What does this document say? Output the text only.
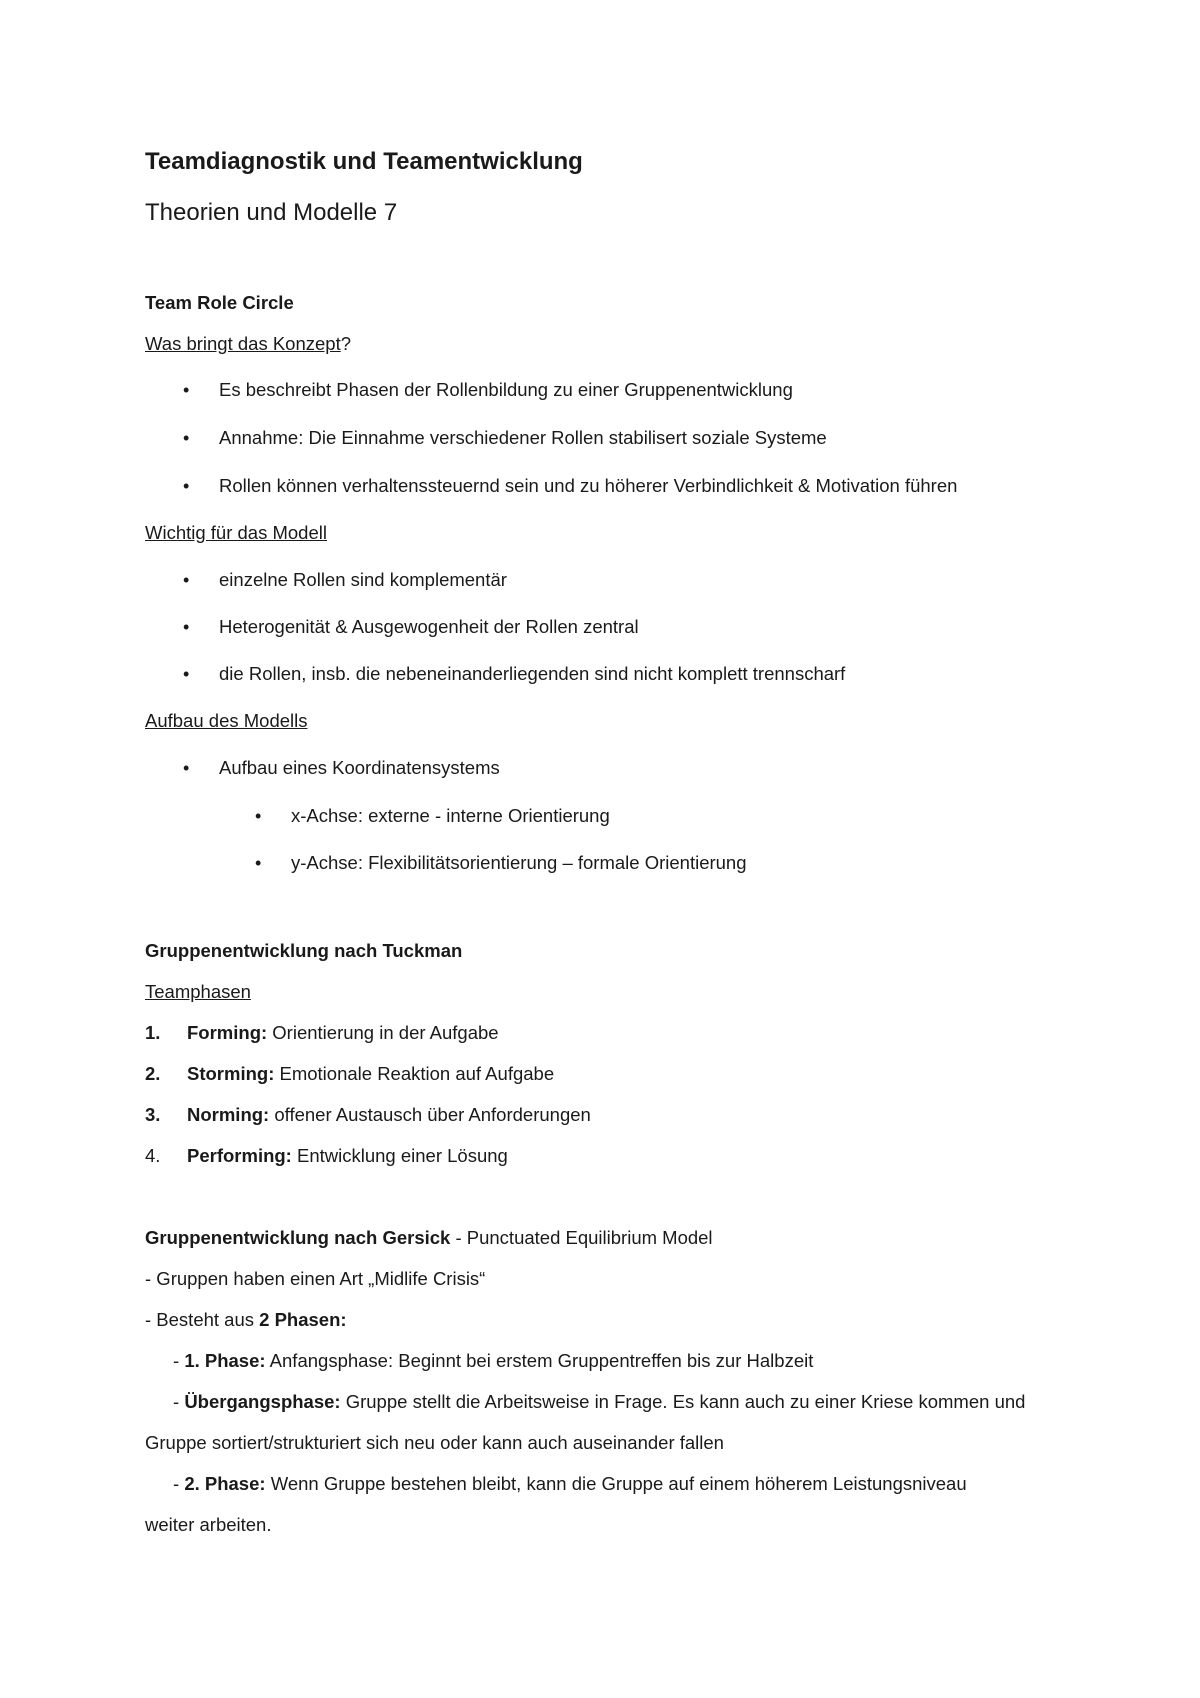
Teamdiagnostik und Teamentwicklung
Theorien und Modelle 7
Team Role Circle
Was bringt das Konzept?
• Es beschreibt Phasen der Rollenbildung zu einer Gruppenentwicklung
• Annahme: Die Einnahme verschiedener Rollen stabilisert soziale Systeme
• Rollen können verhaltenssteuernd sein und zu höherer Verbindlichkeit & Motivation führen
Wichtig für das Modell
• einzelne Rollen sind komplementär
• Heterogenität & Ausgewogenheit der Rollen zentral
• die Rollen, insb. die nebeneinanderliegenden sind nicht komplett trennscharf
Aufbau des Modells
• Aufbau eines Koordinatensystems
• x-Achse: externe - interne Orientierung
• y-Achse: Flexibilitätsorientierung – formale Orientierung
Gruppenentwicklung nach Tuckman
Teamphasen
1. Forming: Orientierung in der Aufgabe
2. Storming: Emotionale Reaktion auf Aufgabe
3. Norming: offener Austausch über Anforderungen
4. Performing: Entwicklung einer Lösung
Gruppenentwicklung nach Gersick - Punctuated Equilibrium Model
- Gruppen haben einen Art „Midlife Crisis“
- Besteht aus 2 Phasen:
- 1. Phase: Anfangsphase: Beginnt bei erstem Gruppentreffen bis zur Halbzeit
- Übergangsphase: Gruppe stellt die Arbeitsweise in Frage. Es kann auch zu einer Kriese kommen und
Gruppe sortiert/strukturiert sich neu oder kann auch auseinander fallen
- 2. Phase: Wenn Gruppe bestehen bleibt, kann die Gruppe auf einem höherem Leistungsniveau
weiter arbeiten.
